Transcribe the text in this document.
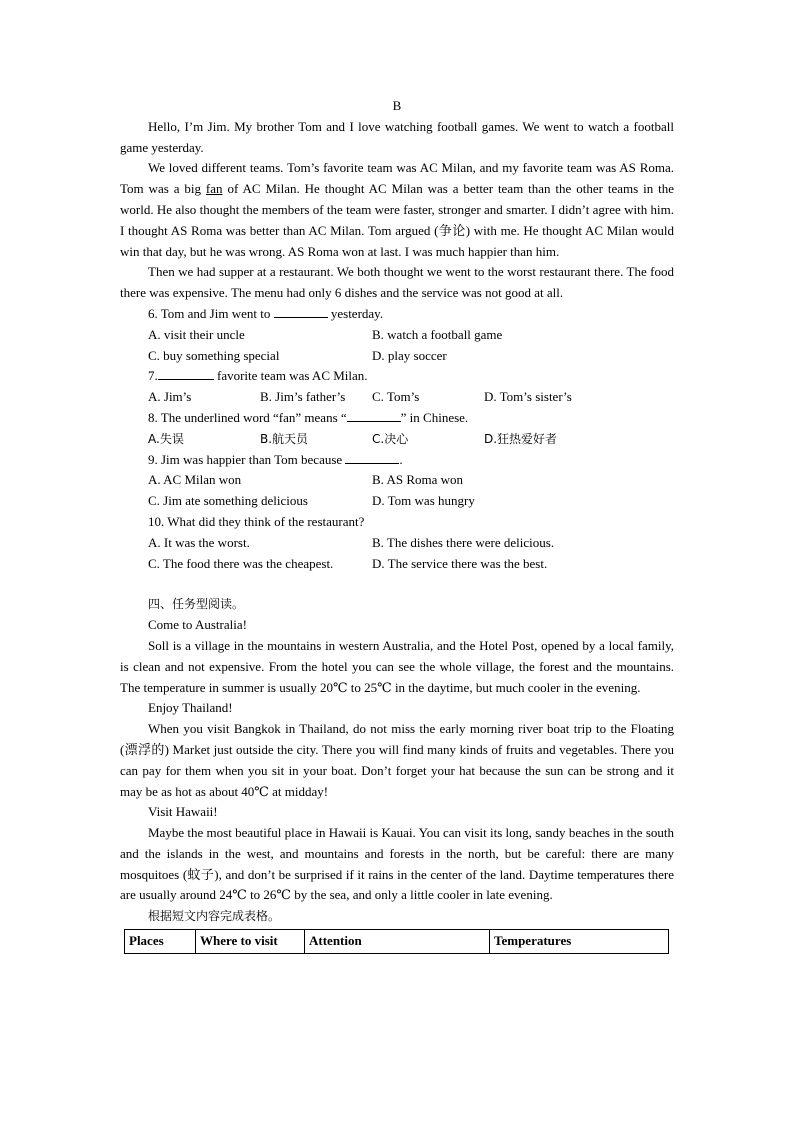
B

Hello, I’m Jim. My brother Tom and I love watching football games. We went to watch a football game yesterday.

We loved different teams. Tom’s favorite team was AC Milan, and my favorite team was AS Roma. Tom was a big fan of AC Milan. He thought AC Milan was a better team than the other teams in the world. He also thought the members of the team were faster, stronger and smarter. I didn’t agree with him. I thought AS Roma was better than AC Milan. Tom argued (争论) with me. He thought AC Milan would win that day, but he was wrong. AS Roma won at last. I was much happier than him.

Then we had supper at a restaurant. We both thought we went to the worst restaurant there. The food there was expensive. The menu had only 6 dishes and the service was not good at all.

6. Tom and Jim went to	yesterday.
A. visit their uncle	B. watch a football game
C. buy something special	D. play soccer
7.	favorite team was AC Milan.
A. Jim’s	B. Jim’s father’s	C. Tom’s	D. Tom’s sister’s
8. The underlined word “fan” means “	” in Chinese.
A.失误	B.航天员	C.决心	D.狂热爱好者
9. Jim was happier than Tom because	.
A. AC Milan won	B. AS Roma won
C. Jim ate something delicious	D. Tom was hungry
10. What did they think of the restaurant?
A. It was the worst.	B. The dishes there were delicious.
C. The food there was the cheapest.	D. The service there was the best.
四、任务型阅读。
Come to Australia!

Soll is a village in the mountains in western Australia, and the Hotel Post, opened by a local family, is clean and not expensive. From the hotel you can see the whole village, the forest and the mountains. The temperature in summer is usually 20℃ to 25℃ in the daytime, but much cooler in the evening.

Enjoy Thailand!

When you visit Bangkok in Thailand, do not miss the early morning river boat trip to the Floating (漂浮的) Market just outside the city. There you will find many kinds of fruits and vegetables. There you can pay for them when you sit in your boat. Don’t forget your hat because the sun can be strong and it may be as hot as about 40℃ at midday!

Visit Hawaii!

Maybe the most beautiful place in Hawaii is Kauai. You can visit its long, sandy beaches in the south and the islands in the west, and mountains and forests in the north, but be careful: there are many mosquitoes (蚊子), and don’t be surprised if it rains in the center of the land. Daytime temperatures there are usually around 24℃ to 26℃ by the sea, and only a little cooler in late evening.

根据短文内容完成表格。
Places	Where to visit	Attention	Temperatures
